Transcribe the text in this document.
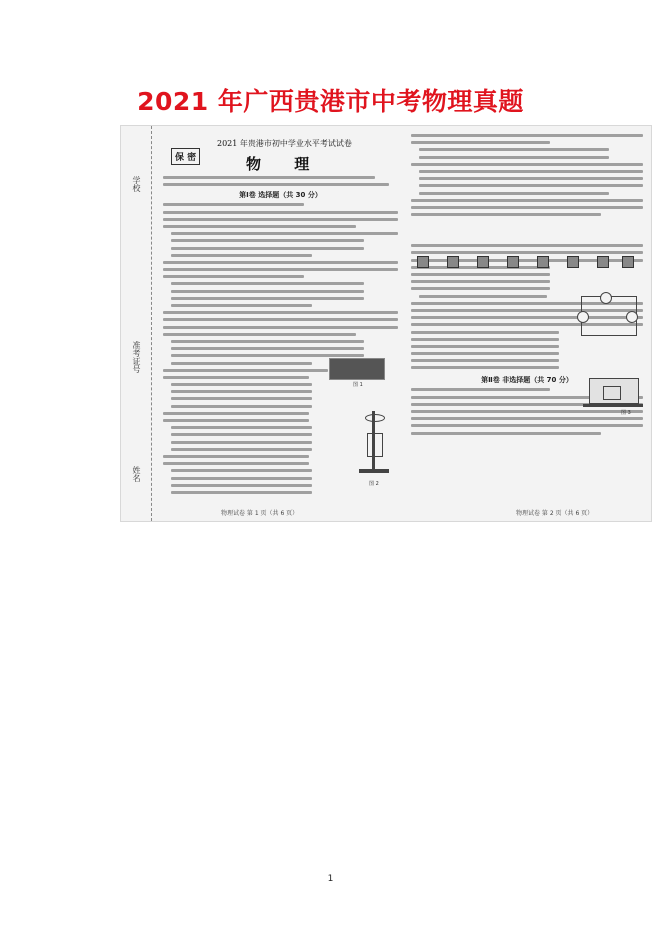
2021 年广西贵港市中考物理真题
学校
准考证号
姓名
保 密
2021 年贵港市初中学业水平考试试卷
物 理
第Ⅰ卷 选择题（共 30 分）
图 1
图 2
物理试卷 第 1 页（共 6 页）
第Ⅱ卷 非选择题（共 70 分）
图 3
物理试卷 第 2 页（共 6 页）
1
